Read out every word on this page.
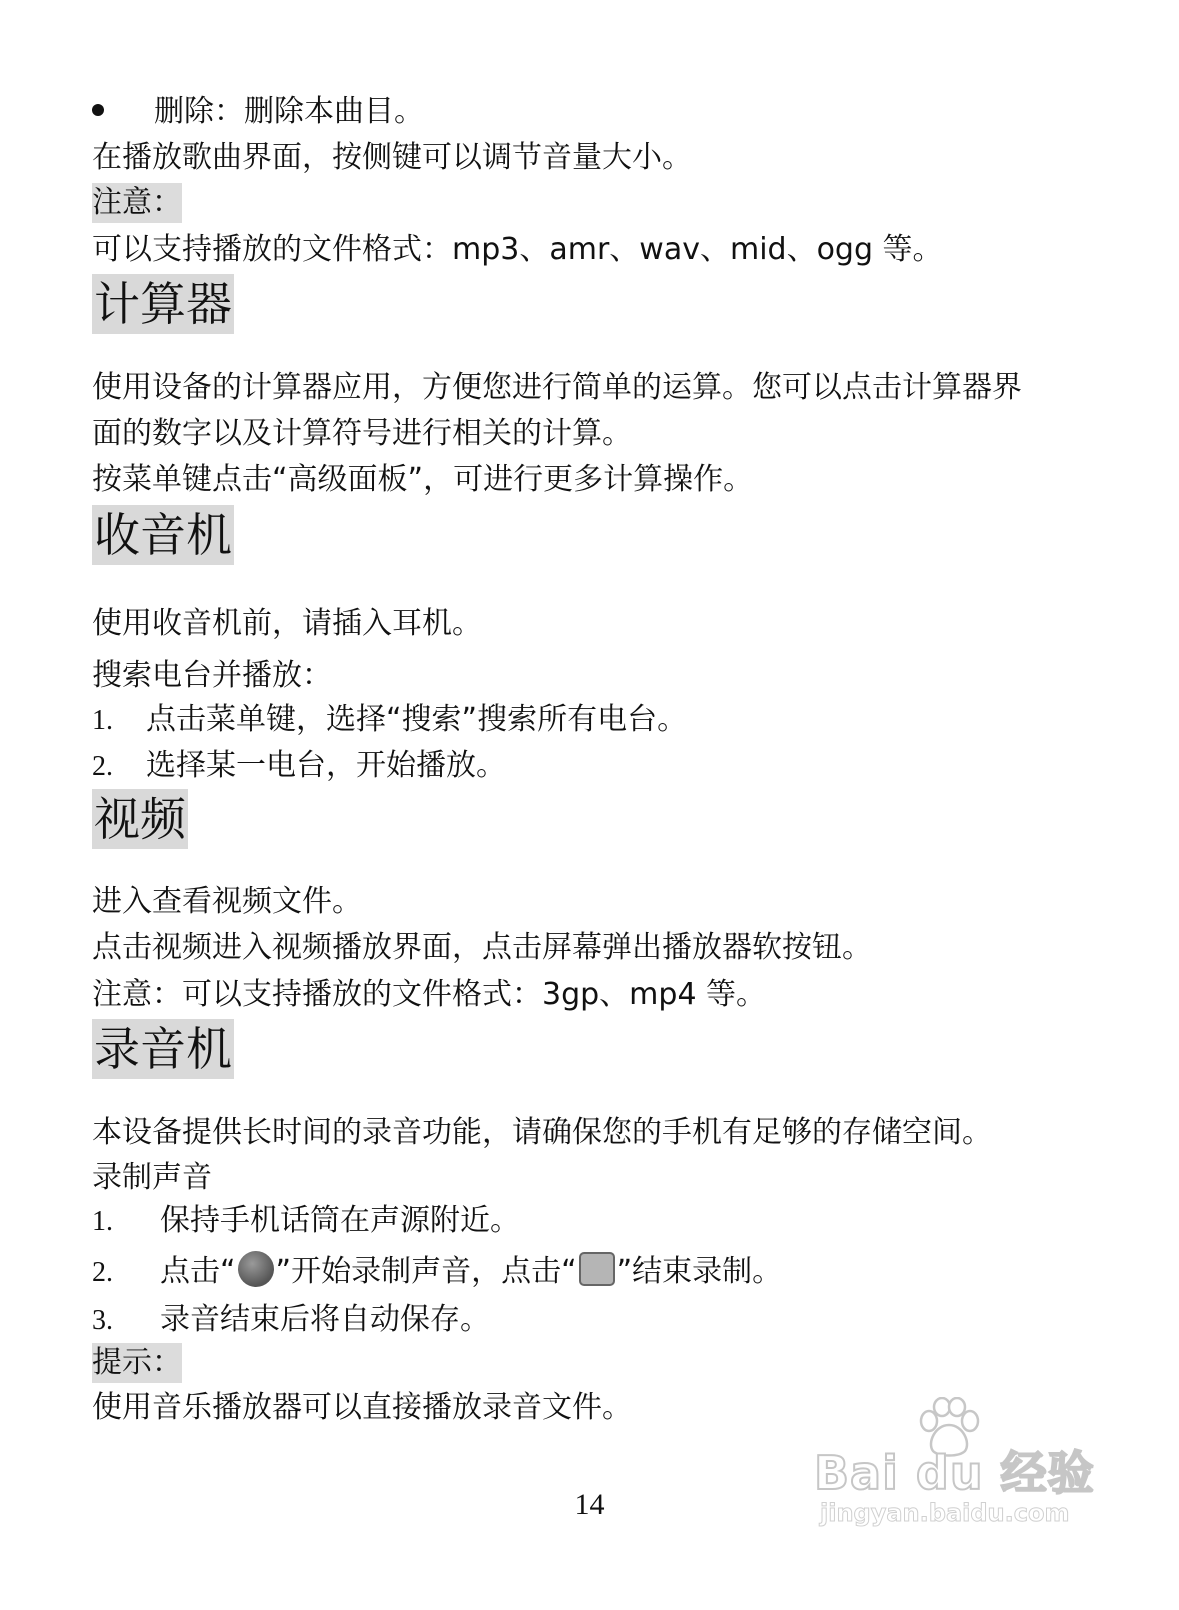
删除：删除本曲目。
在播放歌曲界面，按侧键可以调节音量大小。
注意：
可以支持播放的文件格式：mp3、amr、wav、mid、ogg 等。
计算器
使用设备的计算器应用，方便您进行简单的运算。您可以点击计算器界
面的数字以及计算符号进行相关的计算。
按菜单键点击“高级面板”，可进行更多计算操作。
收音机
使用收音机前，请插入耳机。
搜索电台并播放：
1. 点击菜单键，选择“搜索”搜索所有电台。
2. 选择某一电台，开始播放。
视频
进入查看视频文件。
点击视频进入视频播放界面，点击屏幕弹出播放器软按钮。
注意：可以支持播放的文件格式：3gp、mp4 等。
录音机
本设备提供长时间的录音功能，请确保您的手机有足够的存储空间。
录制声音
1. 保持手机话筒在声源附近。
2. 点击“ ”开始录制声音，点击“ ”结束录制。
3. 录音结束后将自动保存。
提示：
使用音乐播放器可以直接播放录音文件。
Bai du 经验
jingyan.baidu.com
14
